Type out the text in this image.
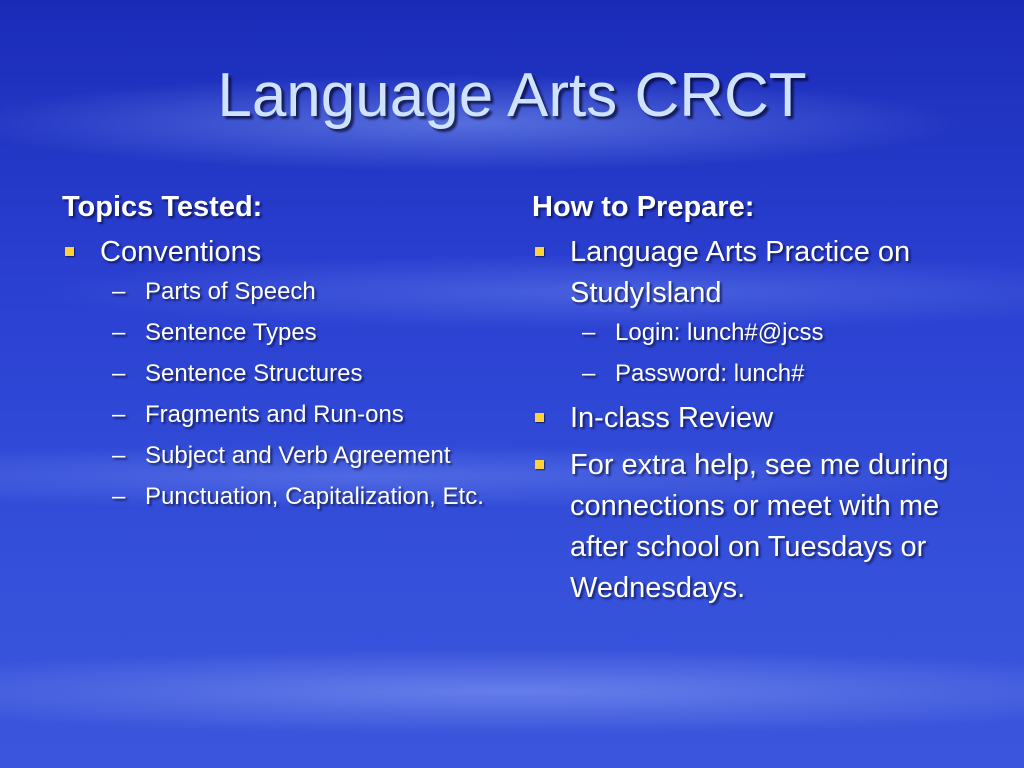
Language Arts CRCT
Topics Tested:
Conventions
– Parts of Speech
– Sentence Types
– Sentence Structures
– Fragments and Run-ons
– Subject and Verb Agreement
– Punctuation, Capitalization, Etc.
How to Prepare:
Language Arts Practice on StudyIsland
– Login: lunch#@jcss
– Password: lunch#
In-class Review
For extra help, see me during connections or meet with me after school on Tuesdays or Wednesdays.
